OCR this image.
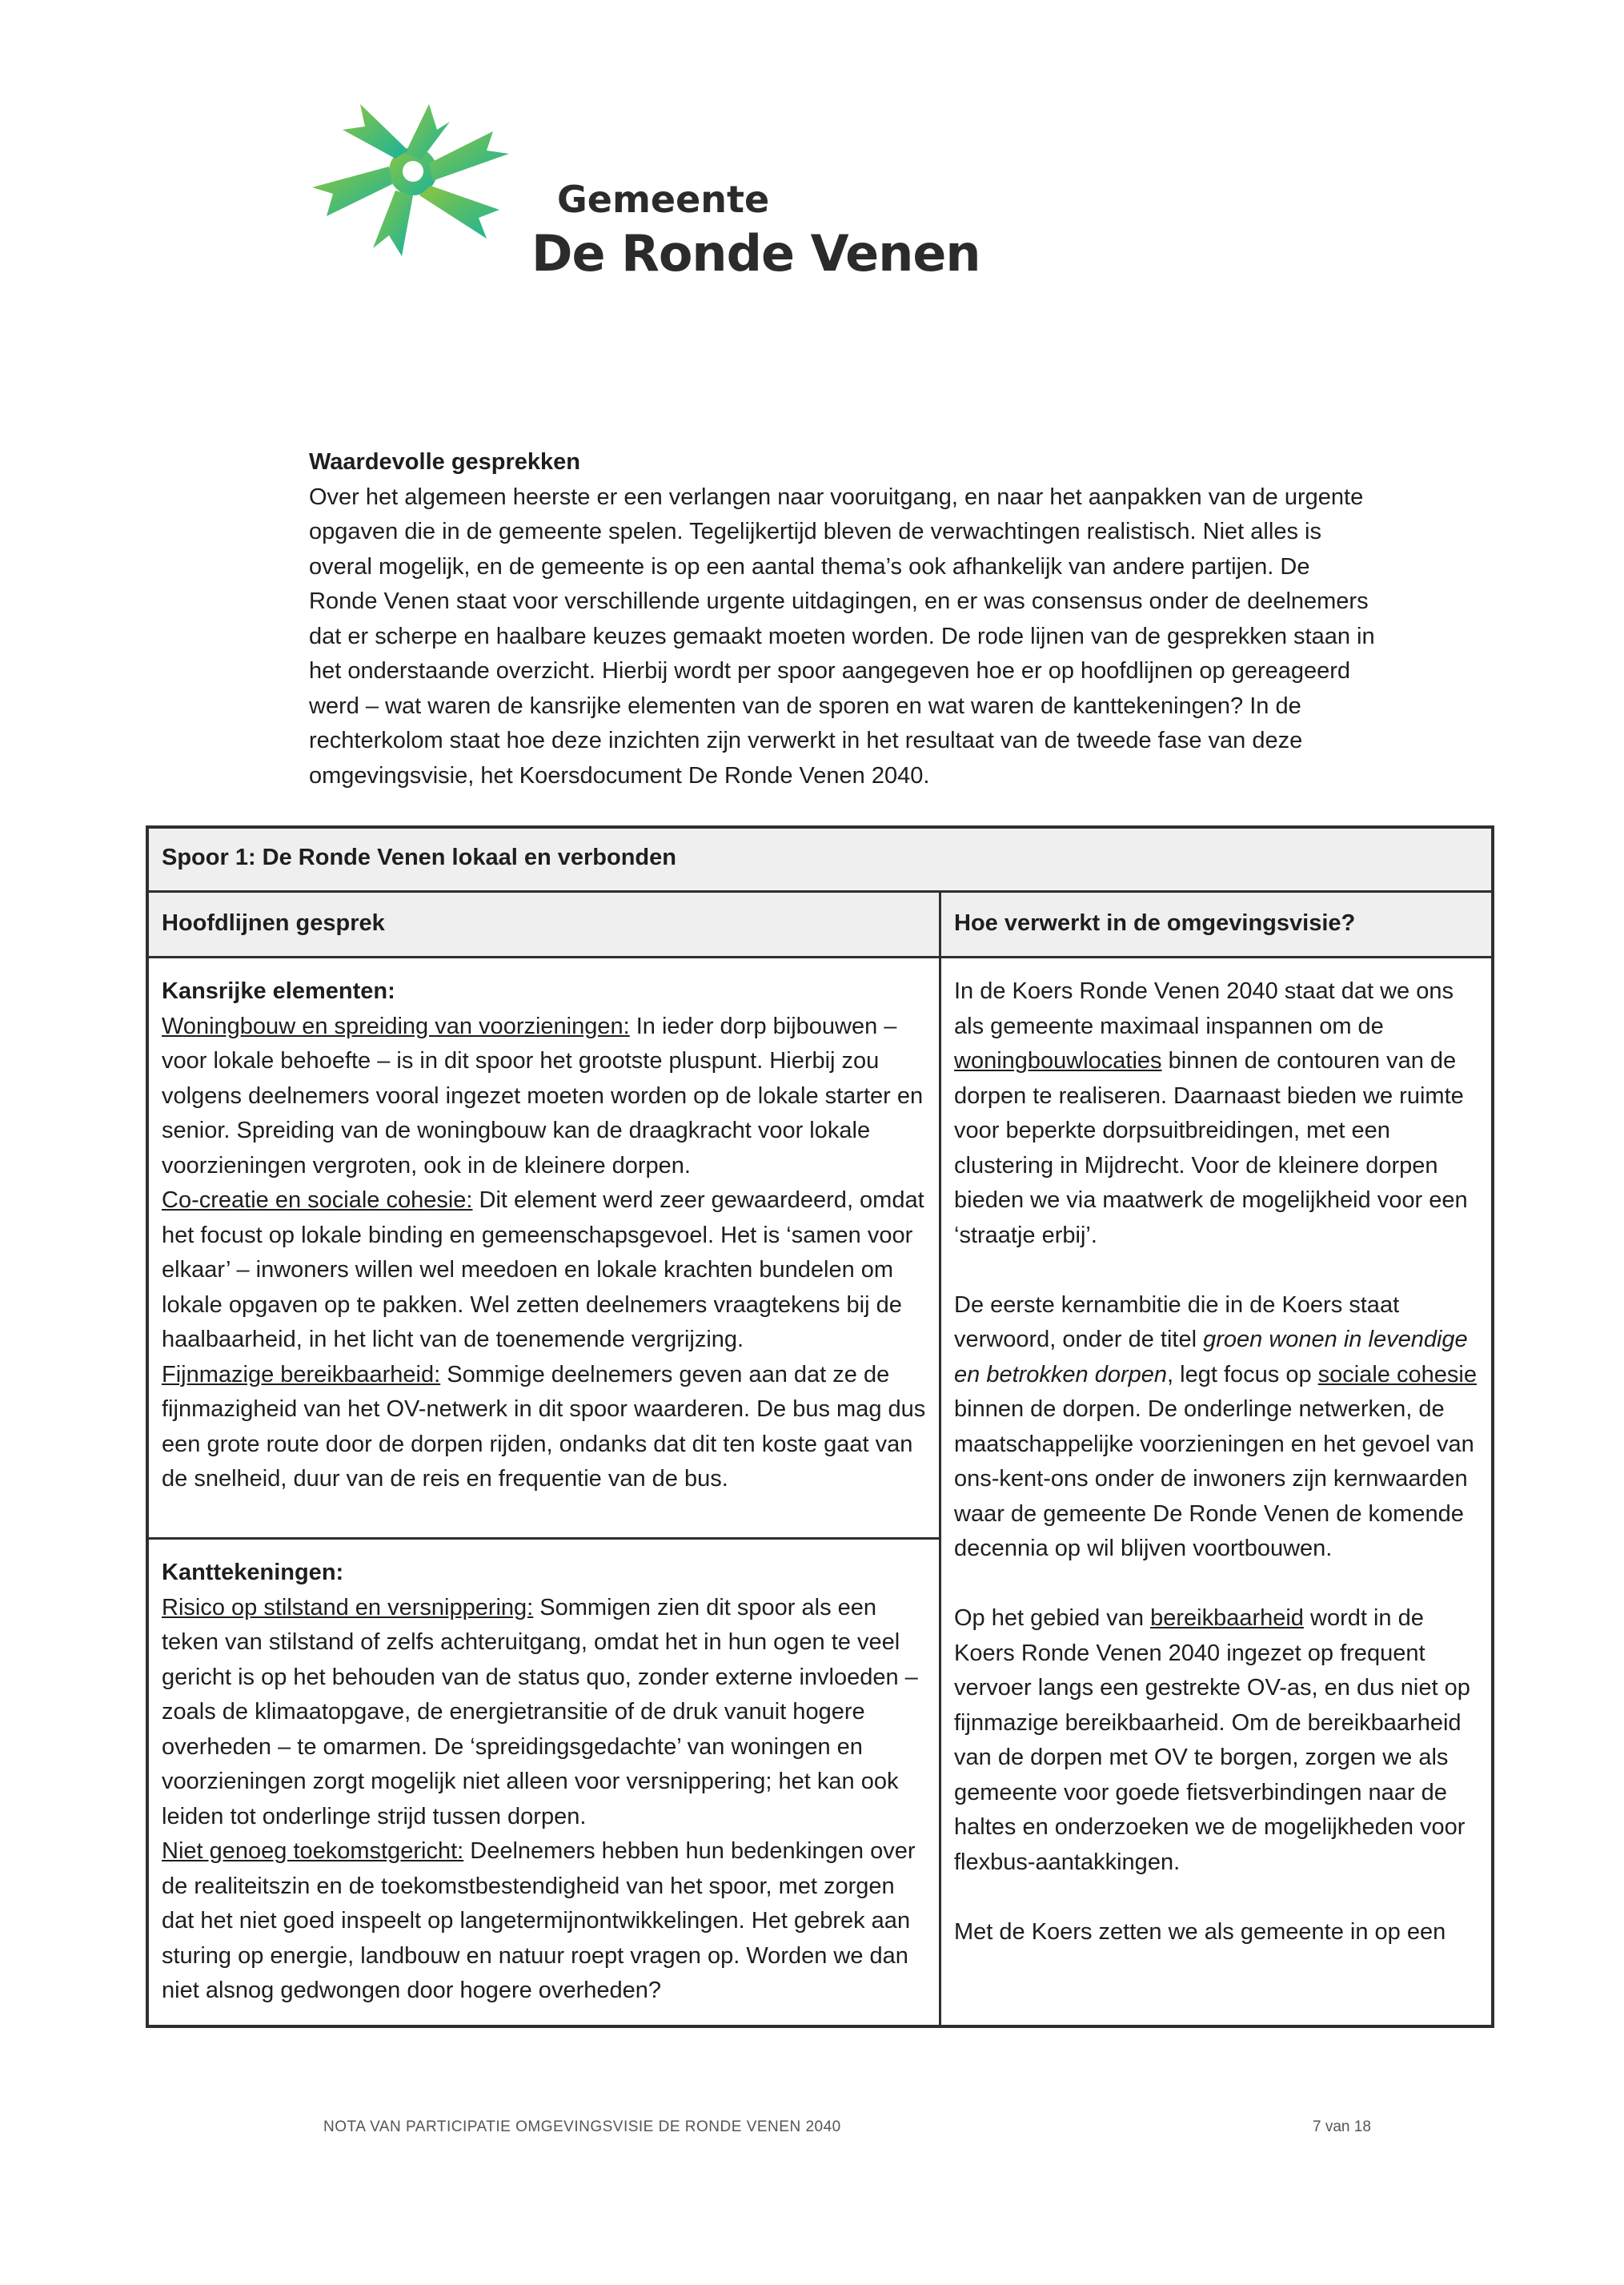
Gemeente
De Ronde Venen
Waardevolle gesprekken
Over het algemeen heerste er een verlangen naar vooruitgang, en naar het aanpakken van de urgente opgaven die in de gemeente spelen. Tegelijkertijd bleven de verwachtingen realistisch. Niet alles is overal mogelijk, en de gemeente is op een aantal thema’s ook afhankelijk van andere partijen. De Ronde Venen staat voor verschillende urgente uitdagingen, en er was consensus onder de deelnemers dat er scherpe en haalbare keuzes gemaakt moeten worden. De rode lijnen van de gesprekken staan in het onderstaande overzicht. Hierbij wordt per spoor aangegeven hoe er op hoofdlijnen op gereageerd werd – wat waren de kansrijke elementen van de sporen en wat waren de kanttekeningen? In de rechterkolom staat hoe deze inzichten zijn verwerkt in het resultaat van de tweede fase van deze omgevingsvisie, het Koersdocument De Ronde Venen 2040.
Spoor 1: De Ronde Venen lokaal en verbonden
Hoofdlijnen gesprek	Hoe verwerkt in de omgevingsvisie?
Kansrijke elementen:
Woningbouw en spreiding van voorzieningen: In ieder dorp bijbouwen – voor lokale behoefte – is in dit spoor het grootste pluspunt. Hierbij zou volgens deelnemers vooral ingezet moeten worden op de lokale starter en senior. Spreiding van de woningbouw kan de draagkracht voor lokale voorzieningen vergroten, ook in de kleinere dorpen.
Co-creatie en sociale cohesie: Dit element werd zeer gewaardeerd, omdat het focust op lokale binding en gemeenschapsgevoel. Het is ‘samen voor elkaar’ – inwoners willen wel meedoen en lokale krachten bundelen om lokale opgaven op te pakken. Wel zetten deelnemers vraagtekens bij de haalbaarheid, in het licht van de toenemende vergrijzing.
Fijnmazige bereikbaarheid: Sommige deelnemers geven aan dat ze de fijnmazigheid van het OV-netwerk in dit spoor waarderen. De bus mag dus een grote route door de dorpen rijden, ondanks dat dit ten koste gaat van de snelheid, duur van de reis en frequentie van de bus.
Kanttekeningen:
Risico op stilstand en versnippering: Sommigen zien dit spoor als een teken van stilstand of zelfs achteruitgang, omdat het in hun ogen te veel gericht is op het behouden van de status quo, zonder externe invloeden – zoals de klimaatopgave, de energietransitie of de druk vanuit hogere overheden – te omarmen. De ‘spreidingsgedachte’ van woningen en voorzieningen zorgt mogelijk niet alleen voor versnippering; het kan ook leiden tot onderlinge strijd tussen dorpen.
Niet genoeg toekomstgericht: Deelnemers hebben hun bedenkingen over de realiteitszin en de toekomstbestendigheid van het spoor, met zorgen dat het niet goed inspeelt op langetermijnontwikkelingen. Het gebrek aan sturing op energie, landbouw en natuur roept vragen op. Worden we dan niet alsnog gedwongen door hogere overheden?
In de Koers Ronde Venen 2040 staat dat we ons als gemeente maximaal inspannen om de woningbouwlocaties binnen de contouren van de dorpen te realiseren. Daarnaast bieden we ruimte voor beperkte dorpsuitbreidingen, met een clustering in Mijdrecht. Voor de kleinere dorpen bieden we via maatwerk de mogelijkheid voor een ‘straatje erbij’.
De eerste kernambitie die in de Koers staat verwoord, onder de titel groen wonen in levendige en betrokken dorpen, legt focus op sociale cohesie binnen de dorpen. De onderlinge netwerken, de maatschappelijke voorzieningen en het gevoel van ons-kent-ons onder de inwoners zijn kernwaarden waar de gemeente De Ronde Venen de komende decennia op wil blijven voortbouwen.
Op het gebied van bereikbaarheid wordt in de Koers Ronde Venen 2040 ingezet op frequent vervoer langs een gestrekte OV-as, en dus niet op fijnmazige bereikbaarheid. Om de bereikbaarheid van de dorpen met OV te borgen, zorgen we als gemeente voor goede fietsverbindingen naar de haltes en onderzoeken we de mogelijkheden voor flexbus-aantakkingen.
Met de Koers zetten we als gemeente in op een
NOTA VAN PARTICIPATIE OMGEVINGSVISIE DE RONDE VENEN 2040	7 van 18
